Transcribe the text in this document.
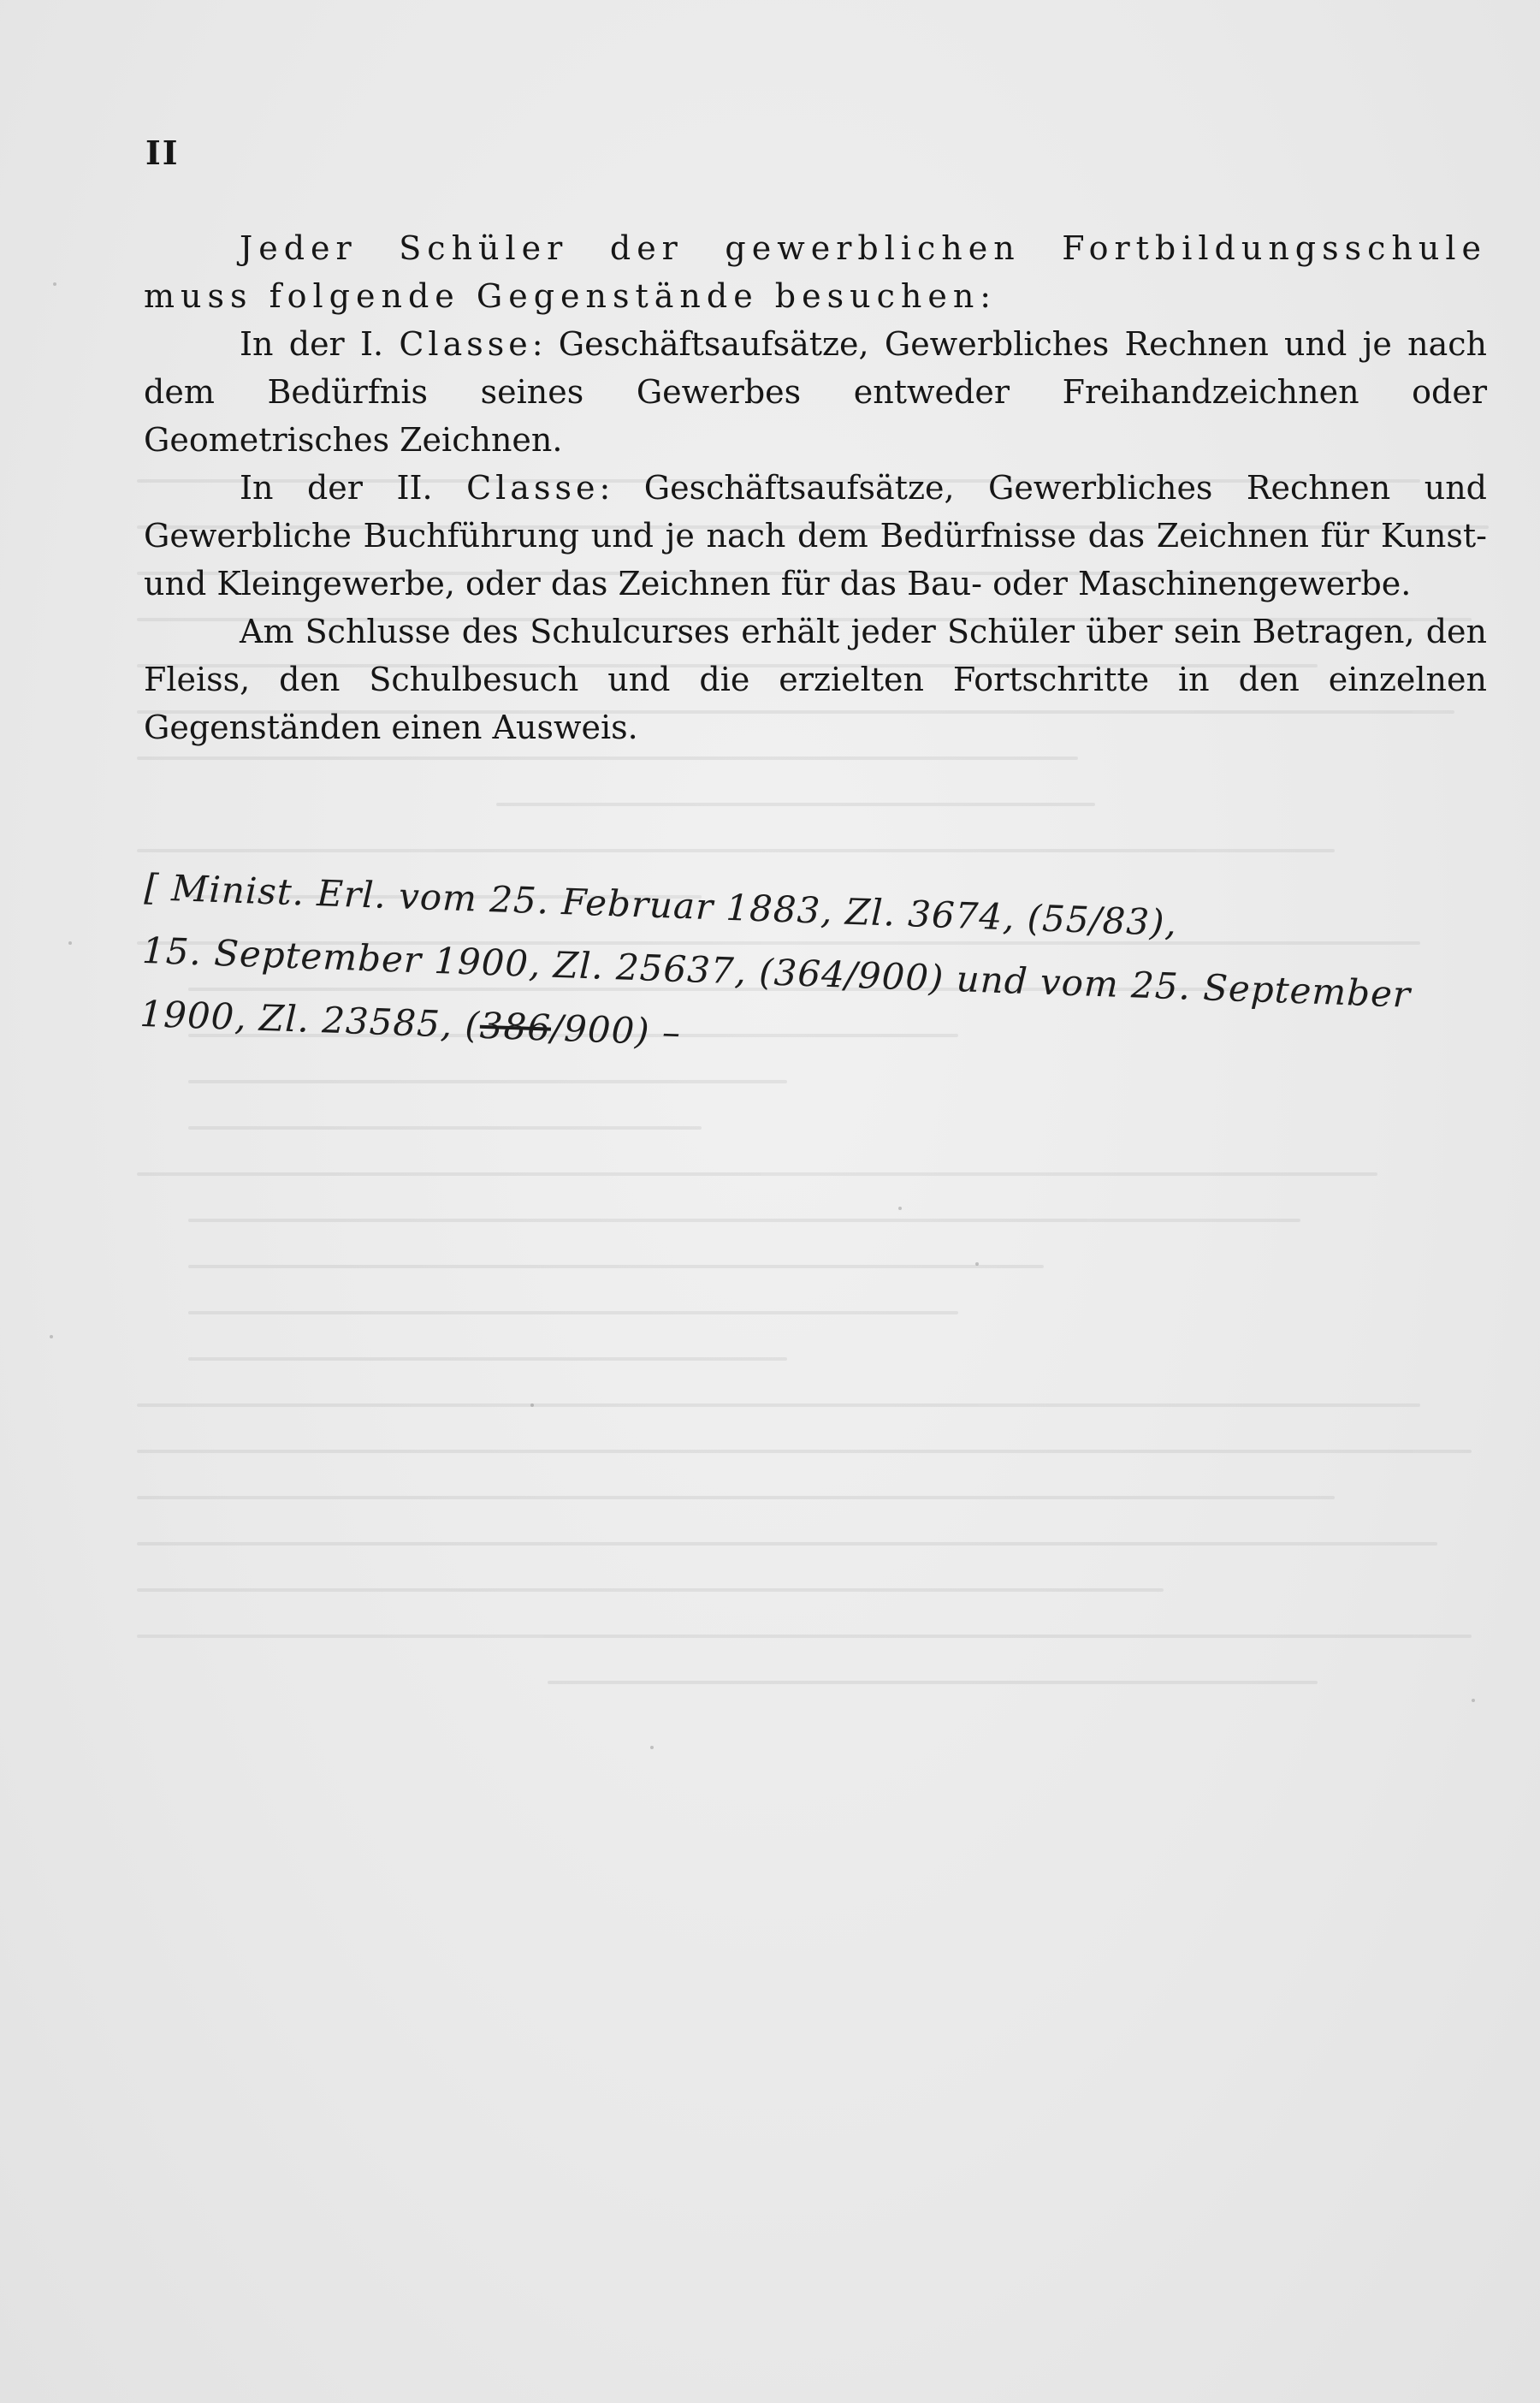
II

Jeder Schüler der gewerblichen Fortbildungsschule muss folgende Gegenstände besuchen:

In der I. Classe: Geschäftsaufsätze, Gewerbliches Rechnen und je nach dem Bedürfnis seines Gewerbes entweder Freihandzeichnen oder Geometrisches Zeichnen.

In der II. Classe: Geschäftsaufsätze, Gewerbliches Rechnen und Gewerbliche Buchführung und je nach dem Bedürfnisse das Zeichnen für Kunst- und Kleingewerbe, oder das Zeichnen für das Bau- oder Maschinengewerbe.

Am Schlusse des Schulcurses erhält jeder Schüler über sein Betragen, den Fleiss, den Schulbesuch und die erzielten Fortschritte in den einzelnen Gegenständen einen Ausweis.

[ Minist. Erl. vom 25. Februar 1883, Zl. 3674, (55/83),
15. September 1900, Zl. 25637, (364/900) und vom 25. September 1900, Zl. 23585, (386/900) –
